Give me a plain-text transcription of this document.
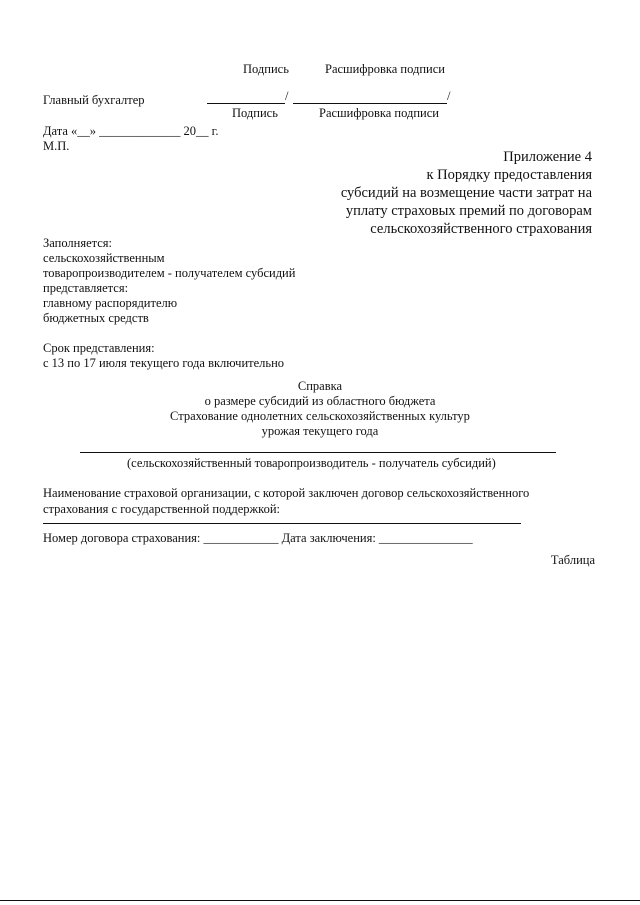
Подпись	Расшифровка подписи
Главный бухгалтер	/	/
Подпись	Расшифровка подписи
Дата «__» _____________ 20__ г.
М.П.
Приложение 4
к Порядку предоставления
субсидий на возмещение части затрат на
уплату страховых премий по договорам
сельскохозяйственного страхования
Заполняется:
сельскохозяйственным
товаропроизводителем - получателем субсидий
представляется:
главному распорядителю
бюджетных средств
Срок представления:
с 13 по 17 июля текущего года включительно
Справка
о размере субсидий из областного бюджета
Страхование однолетних сельскохозяйственных культур
урожая текущего года
(сельскохозяйственный товаропроизводитель - получатель субсидий)
Наименование страховой организации, с которой заключен договор сельскохозяйственного
страхования с государственной поддержкой:
Номер договора страхования: ____________ Дата заключения: _______________
Таблица
